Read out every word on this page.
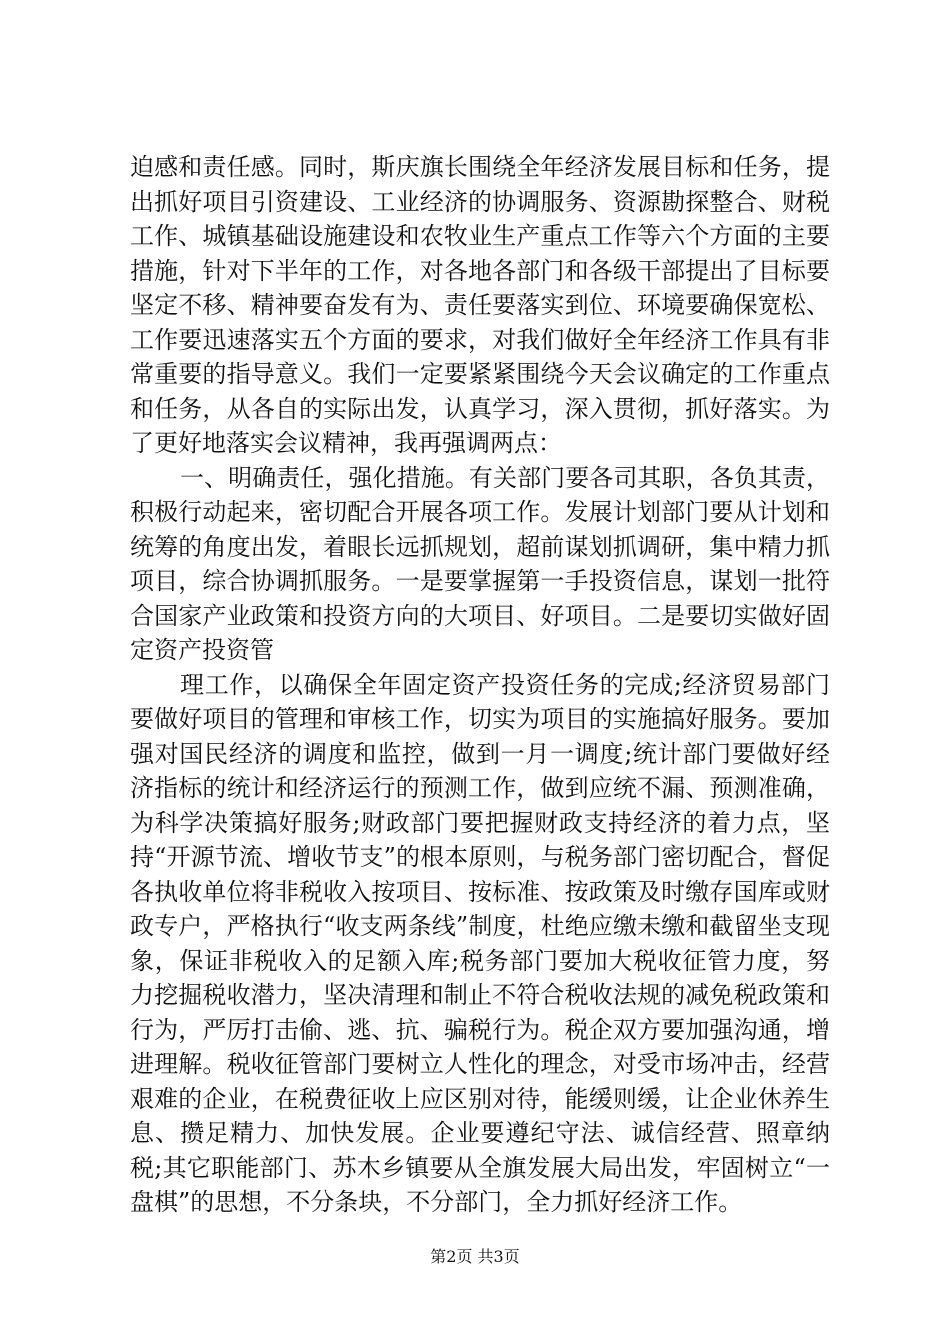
迫感和责任感。同时，斯庆旗长围绕全年经济发展目标和任务，提出抓好项目引资建设、工业经济的协调服务、资源勘探整合、财税工作、城镇基础设施建设和农牧业生产重点工作等六个方面的主要措施，针对下半年的工作，对各地各部门和各级干部提出了目标要坚定不移、精神要奋发有为、责任要落实到位、环境要确保宽松、工作要迅速落实五个方面的要求，对我们做好全年经济工作具有非常重要的指导意义。我们一定要紧紧围绕今天会议确定的工作重点和任务，从各自的实际出发，认真学习，深入贯彻，抓好落实。为了更好地落实会议精神，我再强调两点：

一、明确责任，强化措施。有关部门要各司其职，各负其责，积极行动起来，密切配合开展各项工作。发展计划部门要从计划和统筹的角度出发，着眼长远抓规划，超前谋划抓调研，集中精力抓项目，综合协调抓服务。一是要掌握第一手投资信息，谋划一批符合国家产业政策和投资方向的大项目、好项目。二是要切实做好固定资产投资管

理工作，以确保全年固定资产投资任务的完成;经济贸易部门要做好项目的管理和审核工作，切实为项目的实施搞好服务。要加强对国民经济的调度和监控，做到一月一调度;统计部门要做好经济指标的统计和经济运行的预测工作，做到应统不漏、预测准确，为科学决策搞好服务;财政部门要把握财政支持经济的着力点，坚持“开源节流、增收节支”的根本原则，与税务部门密切配合，督促各执收单位将非税收入按项目、按标准、按政策及时缴存国库或财政专户，严格执行“收支两条线”制度，杜绝应缴未缴和截留坐支现象，保证非税收入的足额入库;税务部门要加大税收征管力度，努力挖掘税收潜力，坚决清理和制止不符合税收法规的减免税政策和行为，严厉打击偷、逃、抗、骗税行为。税企双方要加强沟通，增进理解。税收征管部门要树立人性化的理念，对受市场冲击，经营艰难的企业，在税费征收上应区别对待，能缓则缓，让企业休养生息、攒足精力、加快发展。企业要遵纪守法、诚信经营、照章纳税;其它职能部门、苏木乡镇要从全旗发展大局出发，牢固树立“一盘棋”的思想，不分条块，不分部门，全力抓好经济工作。

第2页 共3页
